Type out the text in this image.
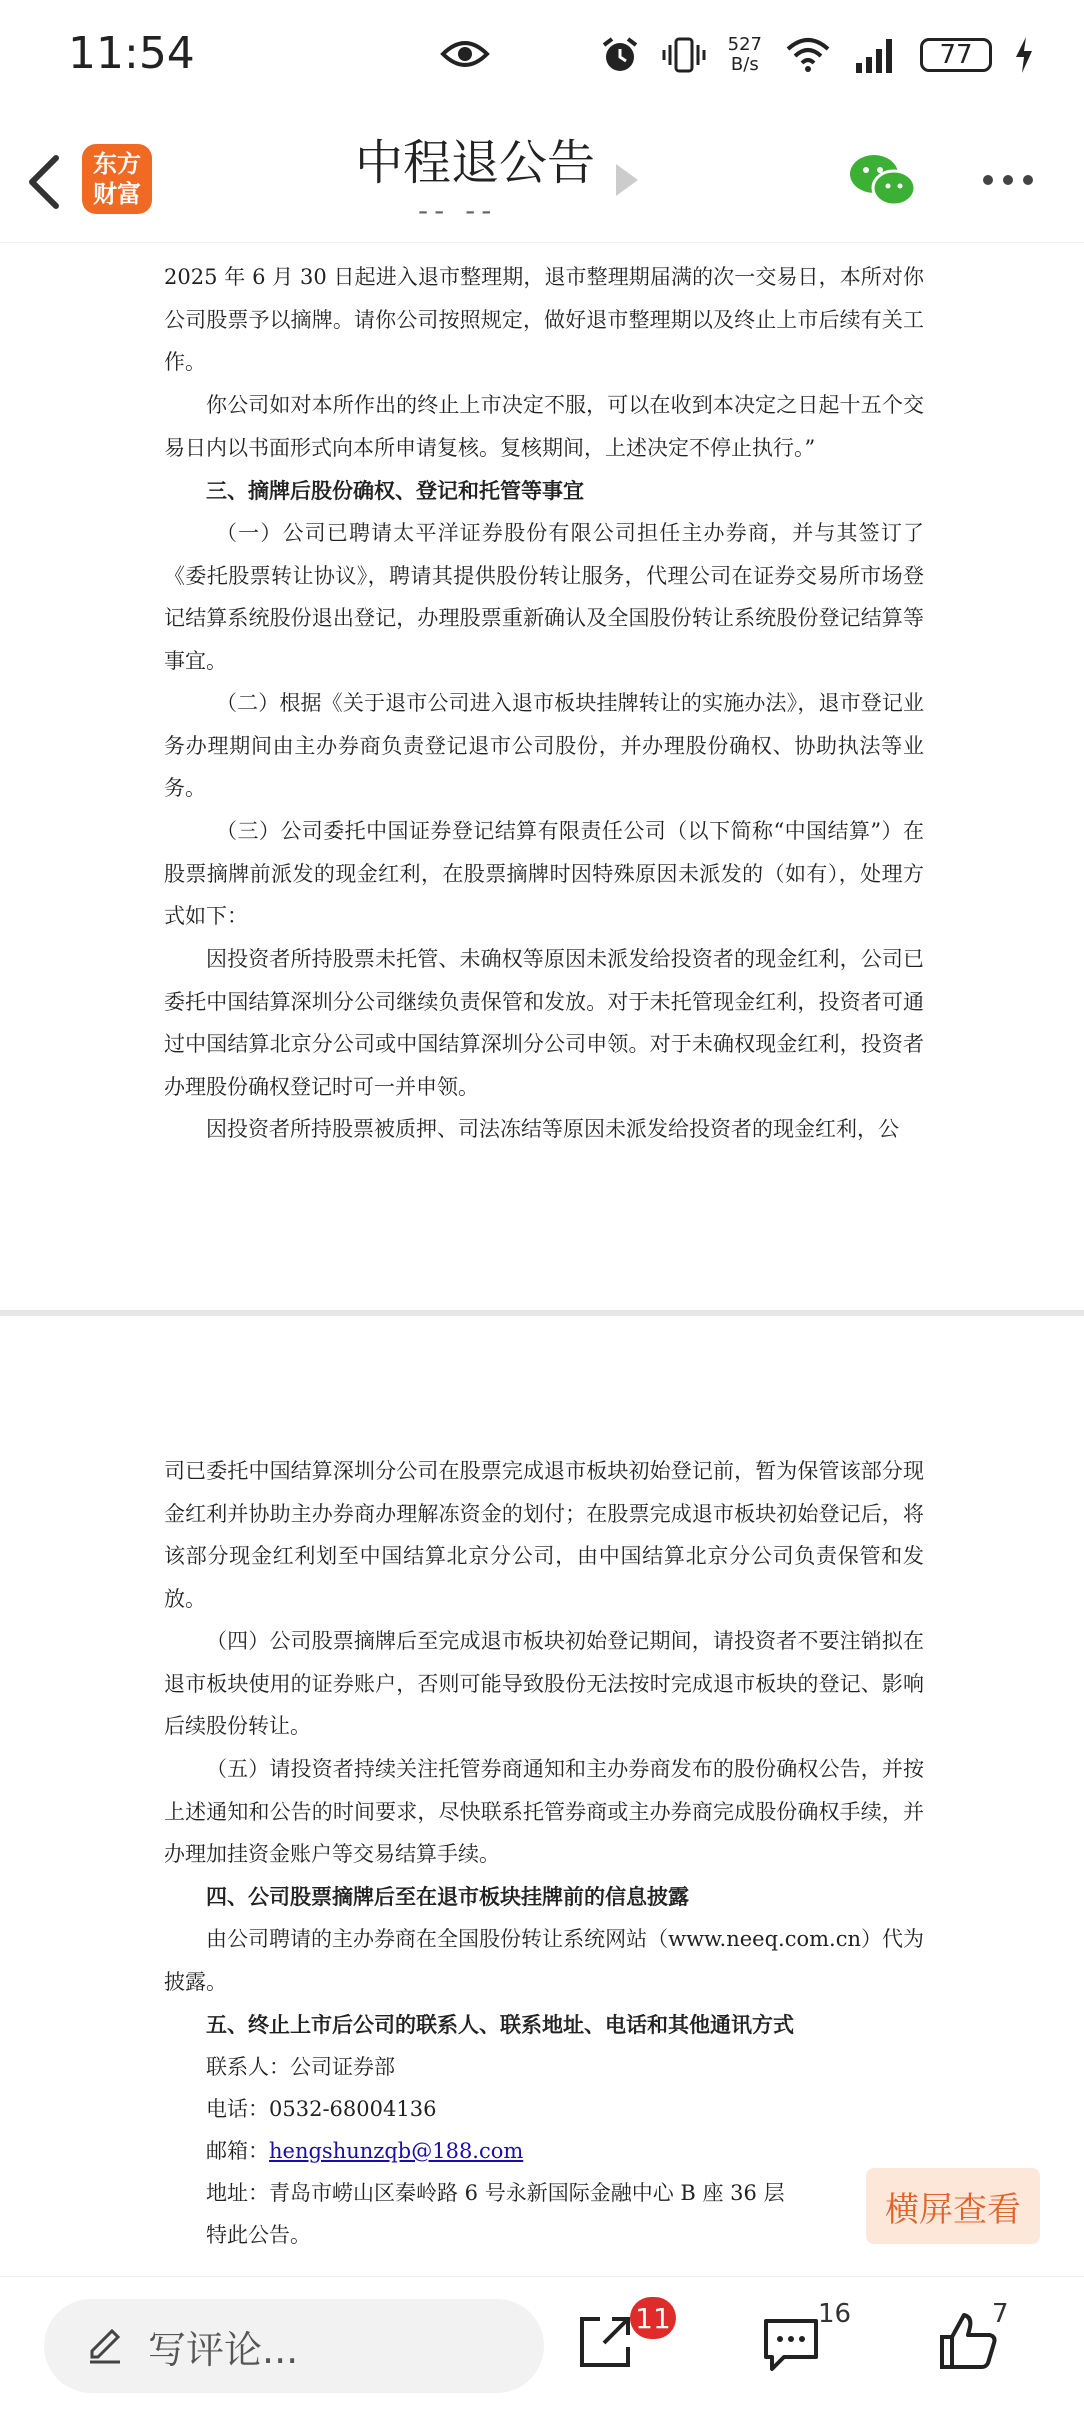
11:54	527
B/s	77
东方
财富
中程退公告
-- --
2025 年 6 月 30 日起进入退市整理期，退市整理期届满的次一交易日，本所对你公司股票予以摘牌。请你公司按照规定，做好退市整理期以及终止上市后续有关工作。
你公司如对本所作出的终止上市决定不服，可以在收到本决定之日起十五个交易日内以书面形式向本所申请复核。复核期间，上述决定不停止执行。”
三、摘牌后股份确权、登记和托管等事宜
（一）公司已聘请太平洋证券股份有限公司担任主办券商，并与其签订了《委托股票转让协议》，聘请其提供股份转让服务，代理公司在证券交易所市场登记结算系统股份退出登记，办理股票重新确认及全国股份转让系统股份登记结算等事宜。
（二）根据《关于退市公司进入退市板块挂牌转让的实施办法》，退市登记业务办理期间由主办券商负责登记退市公司股份，并办理股份确权、协助执法等业务。
（三）公司委托中国证券登记结算有限责任公司（以下简称“中国结算”）在股票摘牌前派发的现金红利，在股票摘牌时因特殊原因未派发的（如有），处理方式如下：
因投资者所持股票未托管、未确权等原因未派发给投资者的现金红利，公司已委托中国结算深圳分公司继续负责保管和发放。对于未托管现金红利，投资者可通过中国结算北京分公司或中国结算深圳分公司申领。对于未确权现金红利，投资者办理股份确权登记时可一并申领。
因投资者所持股票被质押、司法冻结等原因未派发给投资者的现金红利，公
司已委托中国结算深圳分公司在股票完成退市板块初始登记前，暂为保管该部分现金红利并协助主办券商办理解冻资金的划付；在股票完成退市板块初始登记后，将该部分现金红利划至中国结算北京分公司，由中国结算北京分公司负责保管和发放。
（四）公司股票摘牌后至完成退市板块初始登记期间，请投资者不要注销拟在退市板块使用的证券账户，否则可能导致股份无法按时完成退市板块的登记、影响后续股份转让。
（五）请投资者持续关注托管券商通知和主办券商发布的股份确权公告，并按上述通知和公告的时间要求，尽快联系托管券商或主办券商完成股份确权手续，并办理加挂资金账户等交易结算手续。
四、公司股票摘牌后至在退市板块挂牌前的信息披露
由公司聘请的主办券商在全国股份转让系统网站（www.neeq.com.cn）代为披露。
五、终止上市后公司的联系人、联系地址、电话和其他通讯方式
联系人：公司证券部
电话：0532-68004136
邮箱：hengshunzqb@188.com
地址：青岛市崂山区秦岭路 6 号永新国际金融中心 B 座 36 层
特此公告。
横屏查看
写评论...
11	16	7
